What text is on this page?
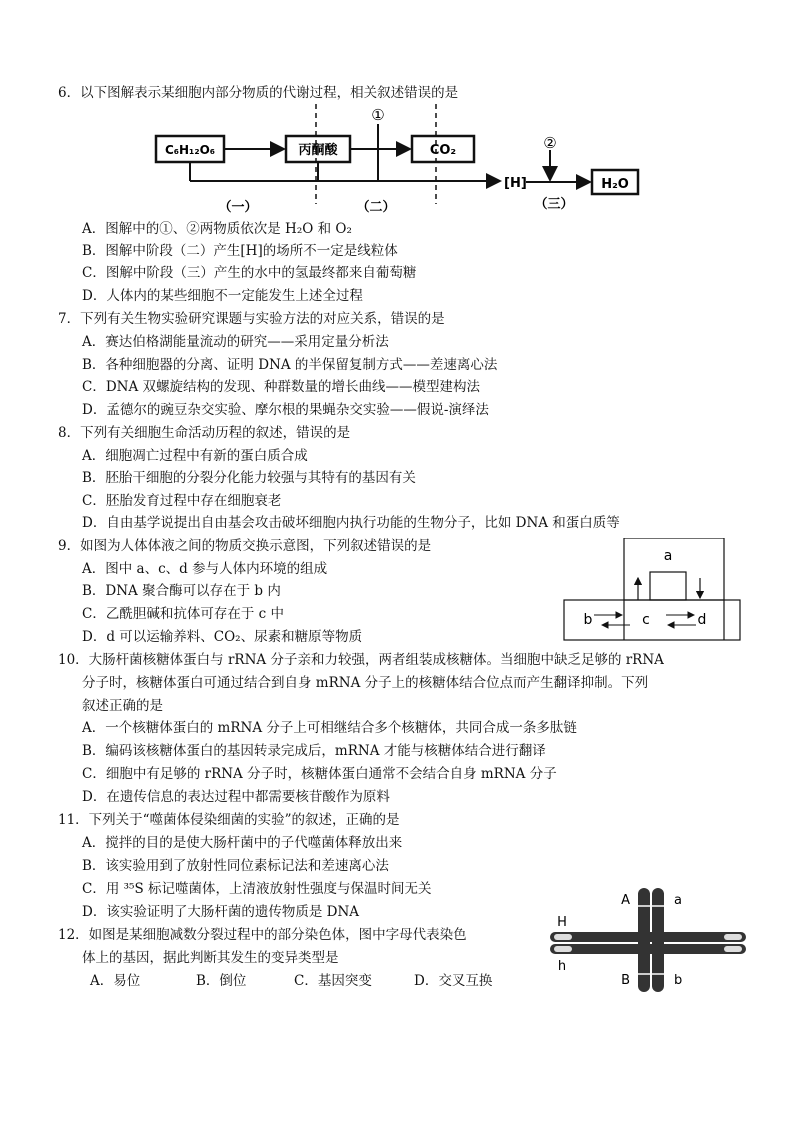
6．以下图解表示某细胞内部分物质的代谢过程，相关叙述错误的是
C₆H₁₂O₆	丙酮酸	CO₂
H₂O
[H]
①
②
（一）	（二）	（三）
A．图解中的①、②两物质依次是 H₂O 和 O₂
B．图解中阶段（二）产生[H]的场所不一定是线粒体
C．图解中阶段（三）产生的水中的氢最终都来自葡萄糖
D．人体内的某些细胞不一定能发生上述全过程
7．下列有关生物实验研究课题与实验方法的对应关系，错误的是
A．赛达伯格湖能量流动的研究——采用定量分析法
B．各种细胞器的分离、证明 DNA 的半保留复制方式——差速离心法
C．DNA 双螺旋结构的发现、种群数量的增长曲线——模型建构法
D．孟德尔的豌豆杂交实验、摩尔根的果蝇杂交实验——假说-演绎法
8．下列有关细胞生命活动历程的叙述，错误的是
A．细胞凋亡过程中有新的蛋白质合成
B．胚胎干细胞的分裂分化能力较强与其特有的基因有关
C．胚胎发育过程中存在细胞衰老
D．自由基学说提出自由基会攻击破坏细胞内执行功能的生物分子，比如 DNA 和蛋白质等
9．如图为人体体液之间的物质交换示意图，下列叙述错误的是
A．图中 a、c、d 参与人体内环境的组成
B．DNA 聚合酶可以存在于 b 内
C．乙酰胆碱和抗体可存在于 c 中
D．d 可以运输养料、CO₂、尿素和糖原等物质
a
b	c	d
10．大肠杆菌核糖体蛋白与 rRNA 分子亲和力较强，两者组装成核糖体。当细胞中缺乏足够的 rRNA
分子时，核糖体蛋白可通过结合到自身 mRNA 分子上的核糖体结合位点而产生翻译抑制。下列
叙述正确的是
A．一个核糖体蛋白的 mRNA 分子上可相继结合多个核糖体，共同合成一条多肽链
B．编码该核糖体蛋白的基因转录完成后，mRNA 才能与核糖体结合进行翻译
C．细胞中有足够的 rRNA 分子时，核糖体蛋白通常不会结合自身 mRNA 分子
D．在遗传信息的表达过程中都需要核苷酸作为原料
11．下列关于“噬菌体侵染细菌的实验”的叙述，正确的是
A．搅拌的目的是使大肠杆菌中的子代噬菌体释放出来
B．该实验用到了放射性同位素标记法和差速离心法
C．用 ³⁵S 标记噬菌体，上清液放射性强度与保温时间无关
D．该实验证明了大肠杆菌的遗传物质是 DNA
12．如图是某细胞减数分裂过程中的部分染色体，图中字母代表染色
体上的基因，据此判断其发生的变异类型是
A．易位	B．倒位	C．基因突变	D．交叉互换
A	a
B	b
H
h
